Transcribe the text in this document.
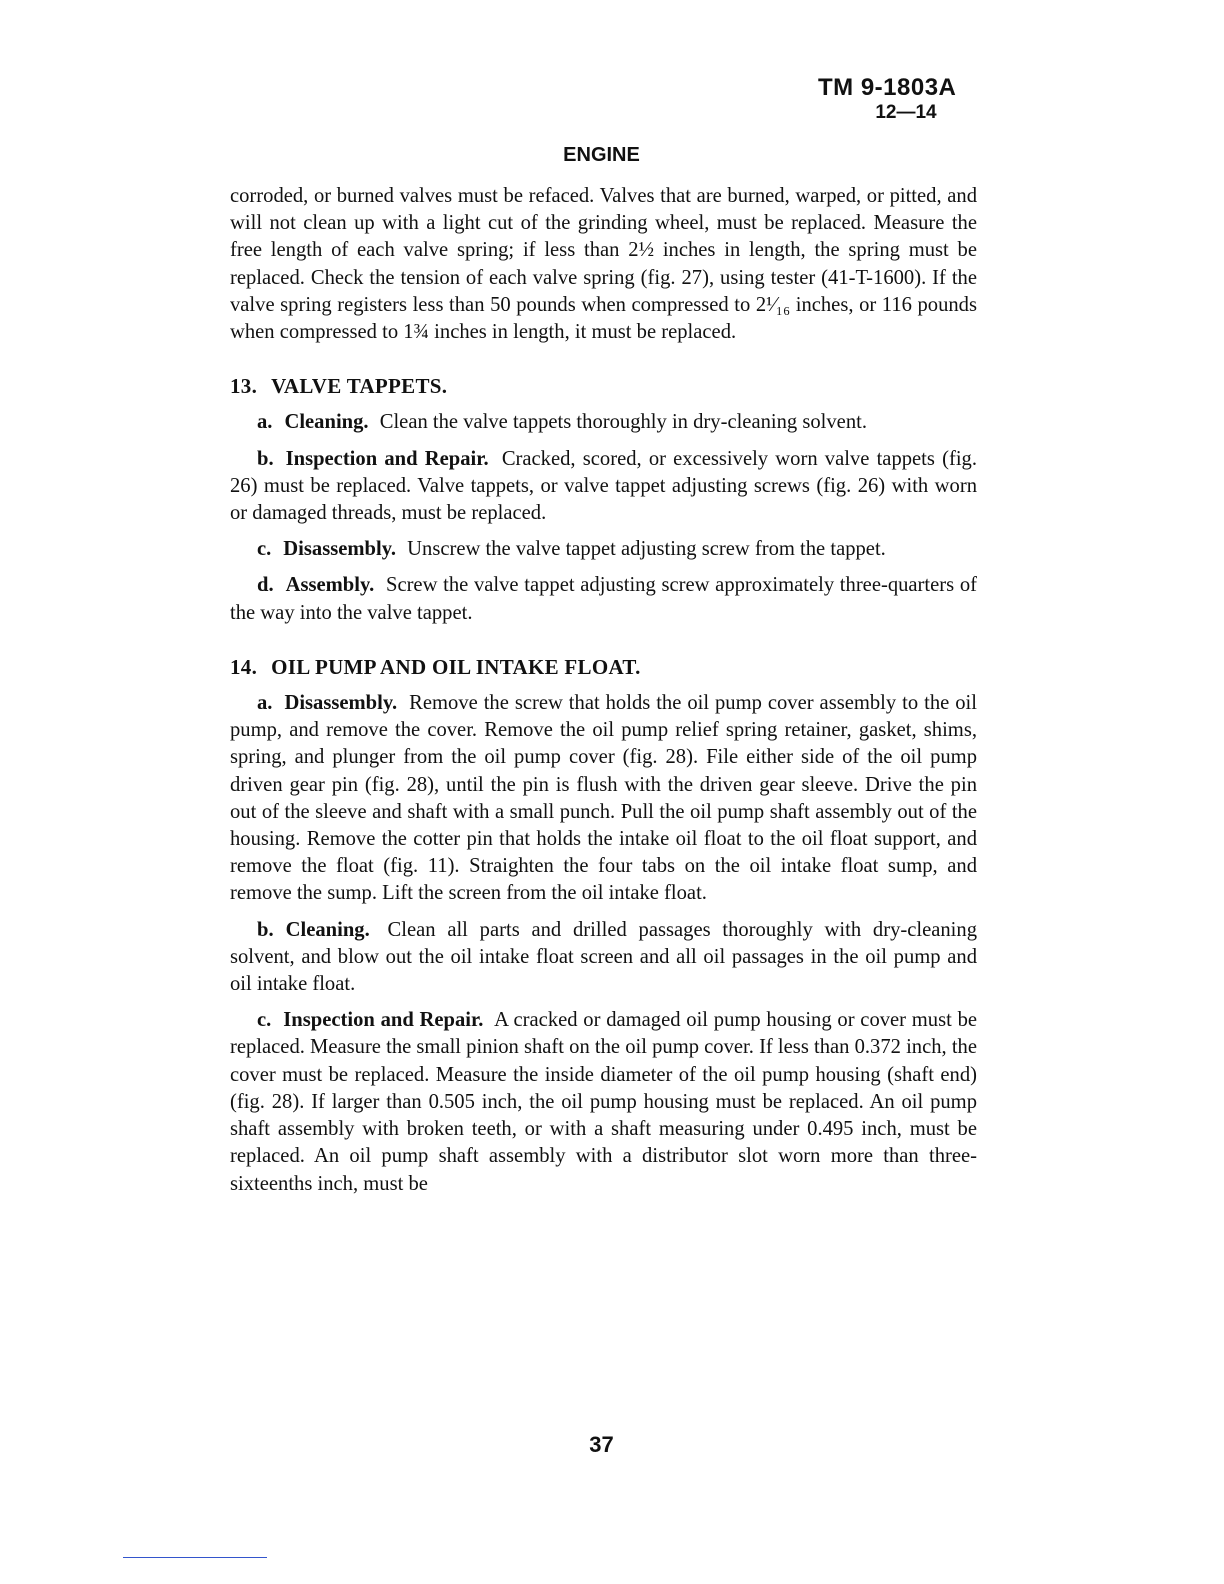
TM 9-1803A
12—14
ENGINE

corroded, or burned valves must be refaced. Valves that are burned, warped, or pitted, and will not clean up with a light cut of the grinding wheel, must be replaced. Measure the free length of each valve spring; if less than 2½ inches in length, the spring must be replaced. Check the tension of each valve spring (fig. 27), using tester (41-T-1600). If the valve spring registers less than 50 pounds when compressed to 2¹⁄₁₆ inches, or 116 pounds when compressed to 1¾ inches in length, it must be replaced.

13. VALVE TAPPETS.

a. Cleaning. Clean the valve tappets thoroughly in dry-cleaning solvent.

b. Inspection and Repair. Cracked, scored, or excessively worn valve tappets (fig. 26) must be replaced. Valve tappets, or valve tappet adjusting screws (fig. 26) with worn or damaged threads, must be replaced.

c. Disassembly. Unscrew the valve tappet adjusting screw from the tappet.

d. Assembly. Screw the valve tappet adjusting screw approximately three-quarters of the way into the valve tappet.

14. OIL PUMP AND OIL INTAKE FLOAT.

a. Disassembly. Remove the screw that holds the oil pump cover assembly to the oil pump, and remove the cover. Remove the oil pump relief spring retainer, gasket, shims, spring, and plunger from the oil pump cover (fig. 28). File either side of the oil pump driven gear pin (fig. 28), until the pin is flush with the driven gear sleeve. Drive the pin out of the sleeve and shaft with a small punch. Pull the oil pump shaft assembly out of the housing. Remove the cotter pin that holds the intake oil float to the oil float support, and remove the float (fig. 11). Straighten the four tabs on the oil intake float sump, and remove the sump. Lift the screen from the oil intake float.

b. Cleaning. Clean all parts and drilled passages thoroughly with dry-cleaning solvent, and blow out the oil intake float screen and all oil passages in the oil pump and oil intake float.

c. Inspection and Repair. A cracked or damaged oil pump housing or cover must be replaced. Measure the small pinion shaft on the oil pump cover. If less than 0.372 inch, the cover must be replaced. Measure the inside diameter of the oil pump housing (shaft end) (fig. 28). If larger than 0.505 inch, the oil pump housing must be replaced. An oil pump shaft assembly with broken teeth, or with a shaft measuring under 0.495 inch, must be replaced. An oil pump shaft assembly with a distributor slot worn more than three-sixteenths inch, must be

37
